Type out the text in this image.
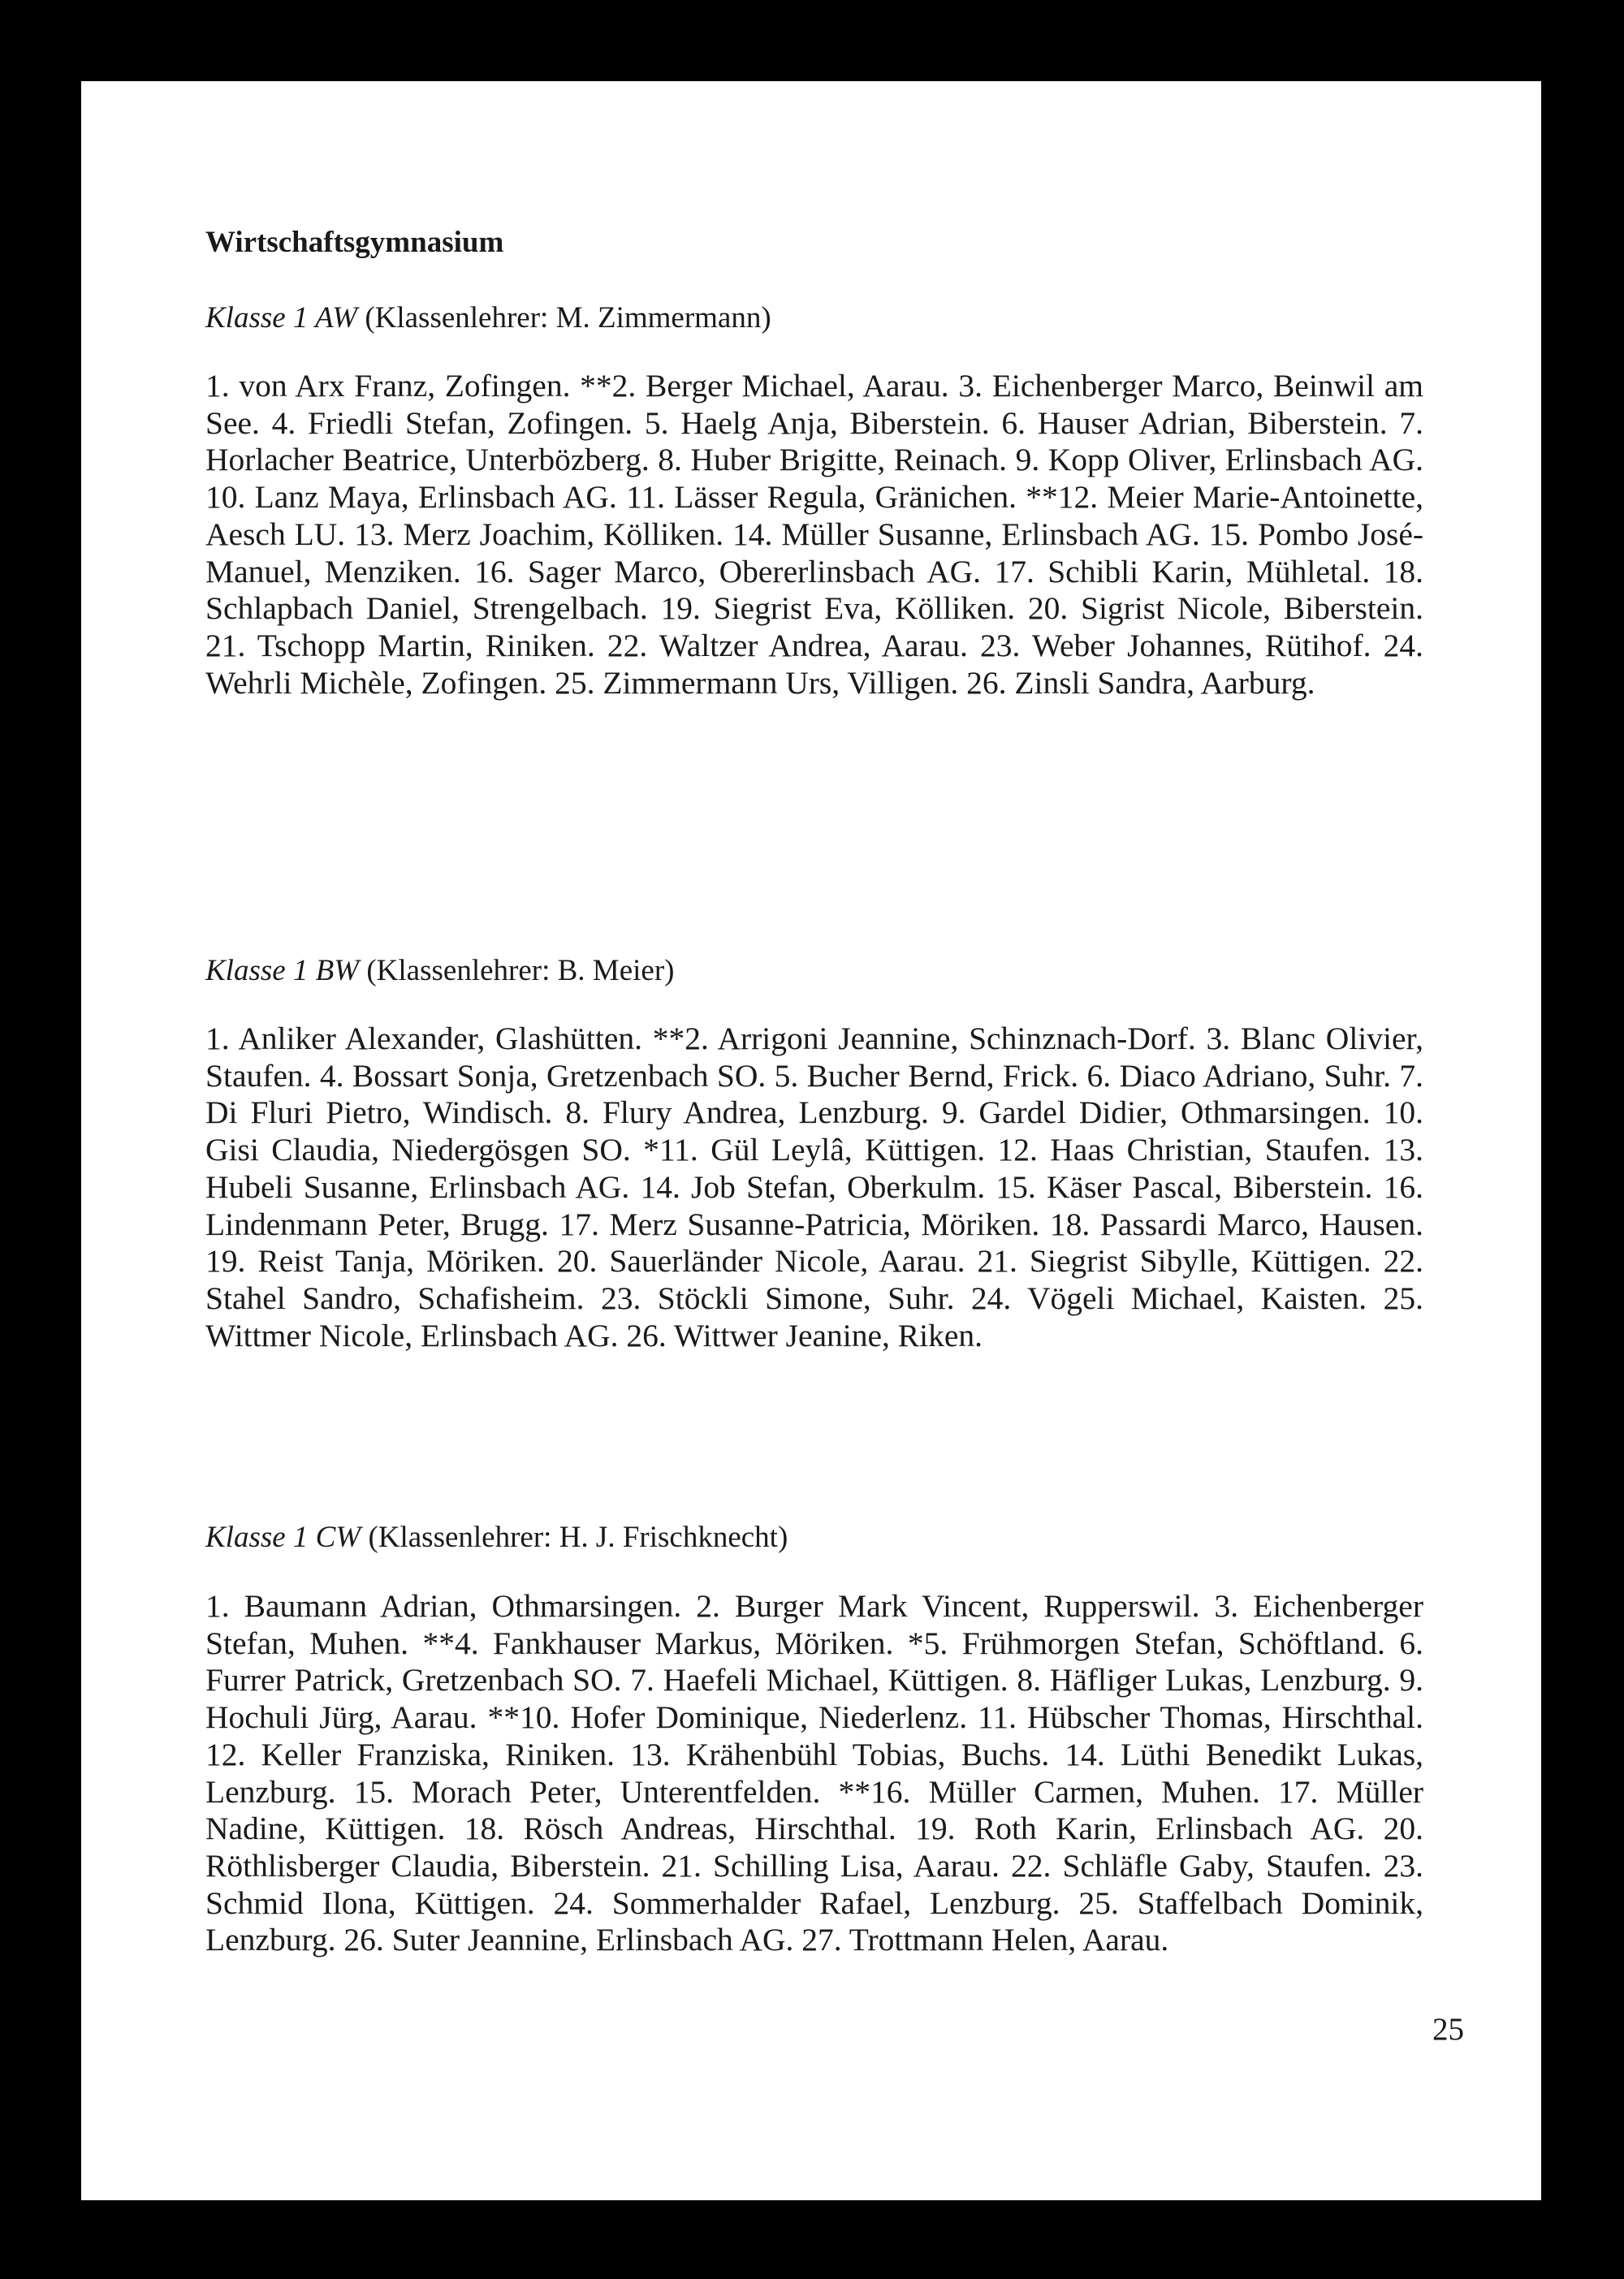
Wirtschaftsgymnasium

Klasse 1 AW (Klassenlehrer: M. Zimmermann)

1. von Arx Franz, Zofingen. **2. Berger Michael, Aarau. 3. Eichenberger Marco, Beinwil am See. 4. Friedli Stefan, Zofingen. 5. Haelg Anja, Biberstein. 6. Hauser Adrian, Biberstein. 7. Horlacher Beatrice, Unterbözberg. 8. Huber Brigitte, Reinach. 9. Kopp Oliver, Erlinsbach AG. 10. Lanz Maya, Erlinsbach AG. 11. Lässer Regula, Gränichen. **12. Meier Marie-Antoinette, Aesch LU. 13. Merz Joachim, Kölliken. 14. Müller Susanne, Erlinsbach AG. 15. Pombo José-Manuel, Menziken. 16. Sager Marco, Obererlinsbach AG. 17. Schibli Karin, Mühletal. 18. Schlapbach Daniel, Strengelbach. 19. Siegrist Eva, Kölliken. 20. Sigrist Nicole, Biberstein. 21. Tschopp Martin, Riniken. 22. Waltzer Andrea, Aarau. 23. Weber Johannes, Rütihof. 24. Wehrli Michèle, Zofingen. 25. Zimmermann Urs, Villigen. 26. Zinsli Sandra, Aarburg.

Klasse 1 BW (Klassenlehrer: B. Meier)

1. Anliker Alexander, Glashütten. **2. Arrigoni Jeannine, Schinznach-Dorf. 3. Blanc Olivier, Staufen. 4. Bossart Sonja, Gretzenbach SO. 5. Bucher Bernd, Frick. 6. Diaco Adriano, Suhr. 7. Di Fluri Pietro, Windisch. 8. Flury Andrea, Lenzburg. 9. Gardel Didier, Othmarsingen. 10. Gisi Claudia, Niedergösgen SO. *11. Gül Leylâ, Küttigen. 12. Haas Christian, Staufen. 13. Hubeli Susanne, Erlinsbach AG. 14. Job Stefan, Oberkulm. 15. Käser Pascal, Biberstein. 16. Lindenmann Peter, Brugg. 17. Merz Susanne-Patricia, Möriken. 18. Passardi Marco, Hausen. 19. Reist Tanja, Möriken. 20. Sauerländer Nicole, Aarau. 21. Siegrist Sibylle, Küttigen. 22. Stahel Sandro, Schafisheim. 23. Stöckli Simone, Suhr. 24. Vögeli Michael, Kaisten. 25. Wittmer Nicole, Erlinsbach AG. 26. Wittwer Jeanine, Riken.

Klasse 1 CW (Klassenlehrer: H. J. Frischknecht)

1. Baumann Adrian, Othmarsingen. 2. Burger Mark Vincent, Rupperswil. 3. Eichenberger Stefan, Muhen. **4. Fankhauser Markus, Möriken. *5. Frühmorgen Stefan, Schöftland. 6. Furrer Patrick, Gretzenbach SO. 7. Haefeli Michael, Küttigen. 8. Häfliger Lukas, Lenzburg. 9. Hochuli Jürg, Aarau. **10. Hofer Dominique, Niederlenz. 11. Hübscher Thomas, Hirschthal. 12. Keller Franziska, Riniken. 13. Krähenbühl Tobias, Buchs. 14. Lüthi Benedikt Lukas, Lenzburg. 15. Morach Peter, Unterentfelden. **16. Müller Carmen, Muhen. 17. Müller Nadine, Küttigen. 18. Rösch Andreas, Hirschthal. 19. Roth Karin, Erlinsbach AG. 20. Röthlisberger Claudia, Biberstein. 21. Schilling Lisa, Aarau. 22. Schläfle Gaby, Staufen. 23. Schmid Ilona, Küttigen. 24. Sommerhalder Rafael, Lenzburg. 25. Staffelbach Dominik, Lenzburg. 26. Suter Jeannine, Erlinsbach AG. 27. Trottmann Helen, Aarau.

25
